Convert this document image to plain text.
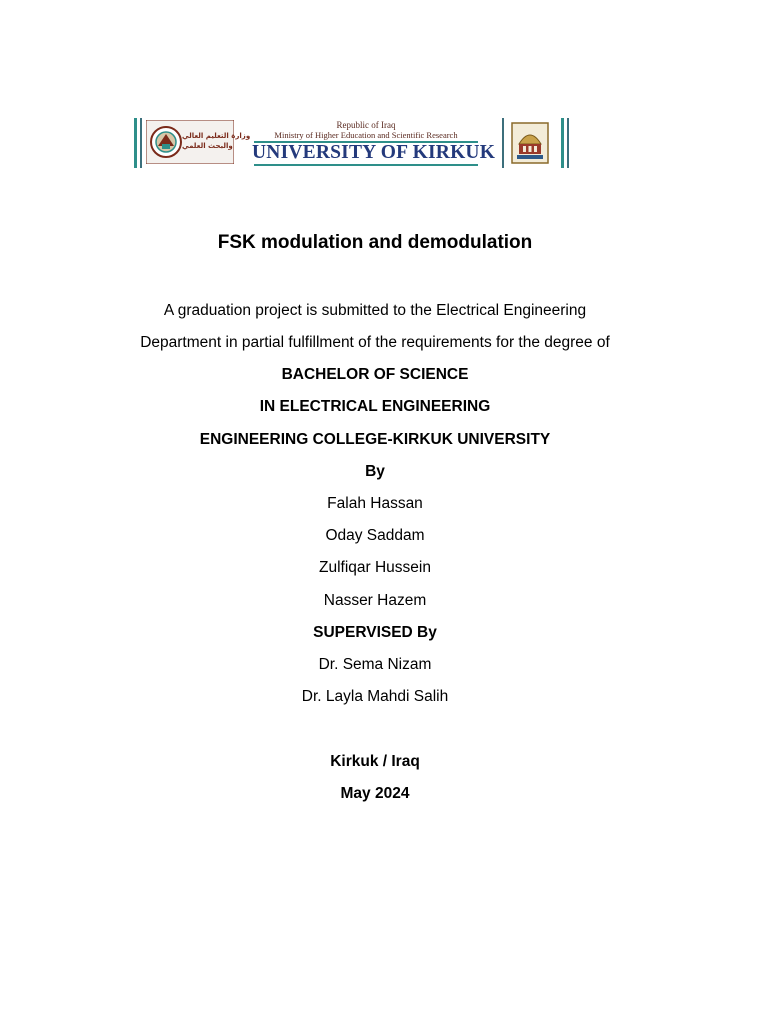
وزارة التعليم العالي
والبحث العلمي
Republic of Iraq
Ministry of Higher Education and Scientific Research
UNIVERSITY OF KIRKUK
FSK modulation and demodulation
A graduation project is submitted to the Electrical Engineering
Department in partial fulfillment of the requirements for the degree of
BACHELOR OF SCIENCE
IN ELECTRICAL ENGINEERING
ENGINEERING COLLEGE-KIRKUK UNIVERSITY
By
Falah Hassan
Oday Saddam
Zulfiqar Hussein
Nasser Hazem
SUPERVISED By
Dr. Sema Nizam
Dr. Layla Mahdi Salih
Kirkuk / Iraq
May 2024
